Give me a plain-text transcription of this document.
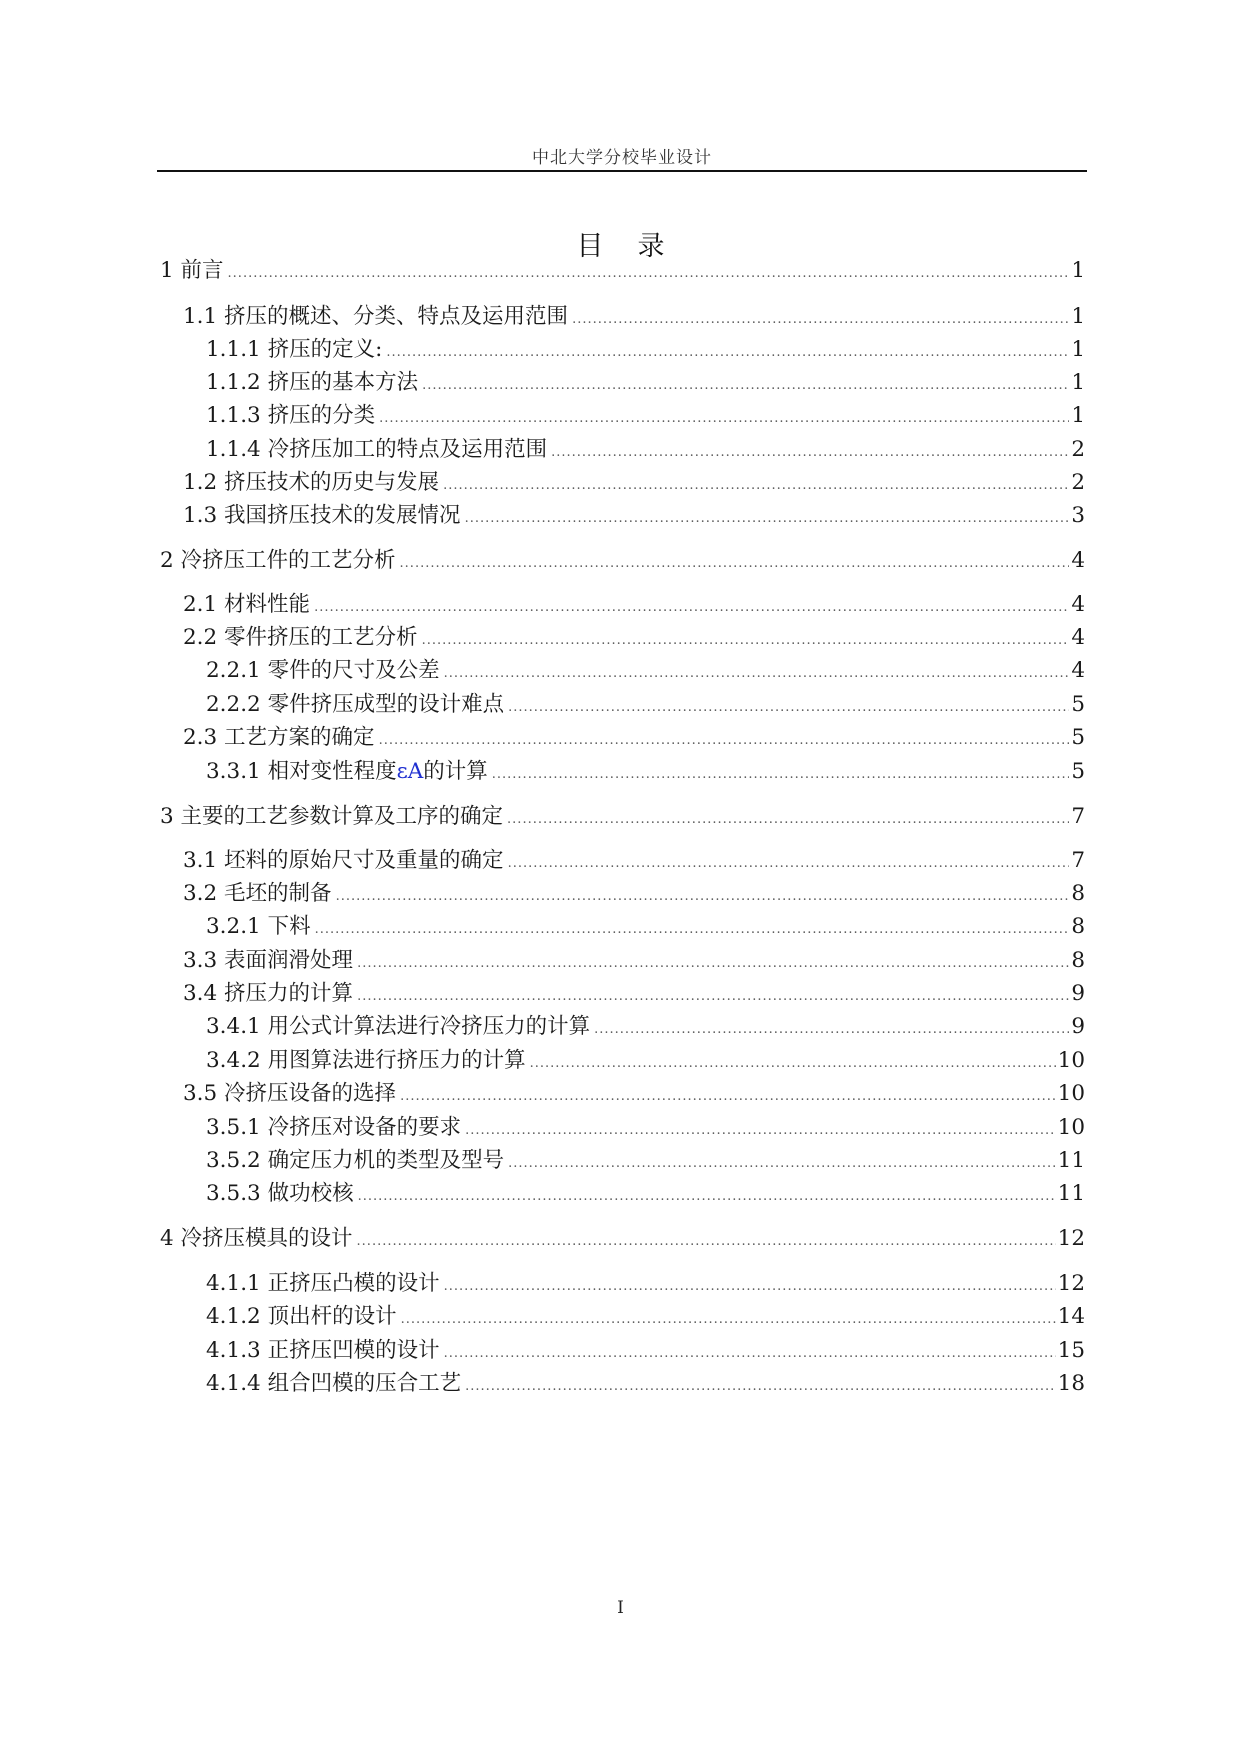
中北大学分校毕业设计
目录
1 前言 .....	1
1.1 挤压的概述、分类、特点及运用范围 .....	1
1.1.1 挤压的定义: .....	1
1.1.2 挤压的基本方法 .....	1
1.1.3 挤压的分类 .....	1
1.1.4 冷挤压加工的特点及运用范围 .....	2
1.2 挤压技术的历史与发展 .....	2
1.3 我国挤压技术的发展情况 .....	3
2 冷挤压工件的工艺分析 .....	4
2.1 材料性能 .....	4
2.2 零件挤压的工艺分析 .....	4
2.2.1 零件的尺寸及公差 .....	4
2.2.2 零件挤压成型的设计难点 .....	5
2.3 工艺方案的确定 .....	5
3.3.1 相对变性程度εA的计算 .....	5
3 主要的工艺参数计算及工序的确定 .....	7
3.1 坯料的原始尺寸及重量的确定 .....	7
3.2 毛坯的制备 .....	8
3.2.1 下料 .....	8
3.3 表面润滑处理 .....	8
3.4 挤压力的计算 .....	9
3.4.1 用公式计算法进行冷挤压力的计算 .....	9
3.4.2 用图算法进行挤压力的计算 .....	10
3.5 冷挤压设备的选择 .....	10
3.5.1 冷挤压对设备的要求 .....	10
3.5.2 确定压力机的类型及型号 .....	11
3.5.3 做功校核 .....	11
4 冷挤压模具的设计 .....	12
4.1.1 正挤压凸模的设计 .....	12
4.1.2 顶出杆的设计 .....	14
4.1.3 正挤压凹模的设计 .....	15
4.1.4 组合凹模的压合工艺 .....	18
I
